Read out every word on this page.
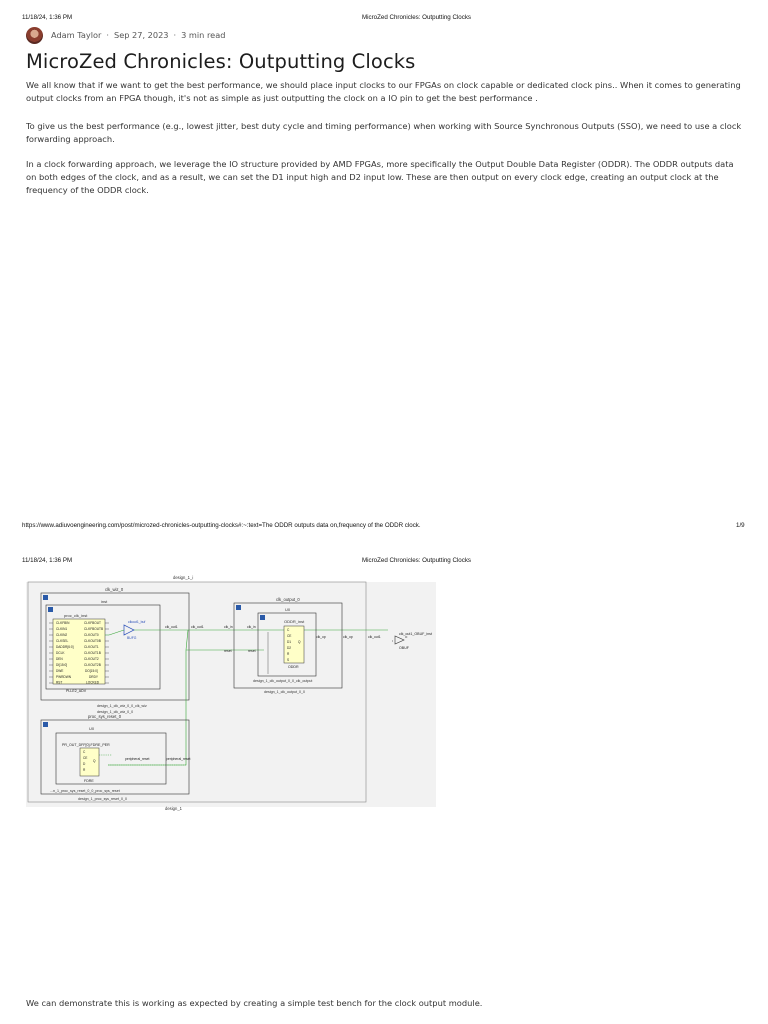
11/18/24, 1:36 PM	MicroZed Chronicles: Outputting Clocks
Adam Taylor · Sep 27, 2023 · 3 min read
MicroZed Chronicles: Outputting Clocks

We all know that if we want to get the best performance, we should place input clocks to our FPGAs on clock capable or dedicated clock pins.. When it comes to generating output clocks from an FPGA though, it's not as simple as just outputting the clock on a IO pin to get the best performance .

To give us the best performance (e.g., lowest jitter, best duty cycle and timing performance) when working with Source Synchronous Outputs (SSO), we need to use a clock forwarding approach.

In a clock forwarding approach, we leverage the IO structure provided by AMD FPGAs, more specifically the Output Double Data Register (ODDR). The ODDR outputs data on both edges of the clock, and as a result, we can set the D1 input high and D2 input low. These are then output on every clock edge, creating an output clock at the frequency of the ODDR clock.

https://www.adiuvoengineering.com/post/microzed-chronicles-outputting-clocks#:~:text=The ODDR outputs data on,frequency of the ODDR clock.	1/9
11/18/24, 1:36 PM	MicroZed Chronicles: Outputting Clocks
design_1_i
design_1
clk_wiz_0
inst
proc_clk_inst
CLKFBIN
CLKIN1
CLKIN2
CLKSEL
DADDR[6:0]
DCLK
DEN
DI[15:0]
DWE
PWRDWN
RST
CLKFBOUT
CLKFBOUTB
CLKOUT0
CLKOUT0B
CLKOUT1
CLKOUT1B
CLKOUT2
CLKOUT2B
DO[15:0]
DRDY
LOCKED
PLLE2_ADV
clkout1_buf
BUFG
design_1_clk_wiz_0_0_clk_wiz
design_1_clk_wiz_0_0
clk_out1	clk_out1	clk_in	clk_in
reset	reset
clk_op	clk_op	clk_out1
peripheral_reset	peripheral_reset
clk_output_0
U0
ODDR_inst
C
CE
D1
D2
R
S
Q
ODDR
design_1_clk_output_0_0_clk_output
design_1_clk_output_0_0
clk_out1_OBUF_inst
I
O
OBUF
proc_sys_reset_0
U0
PR_OUT_DFF[0].FDRE_PER
C
CE
D
R
Q
FDRE
...n_1_proc_sys_reset_0_0_proc_sys_reset
design_1_proc_sys_reset_0_0

We can demonstrate this is working as expected by creating a simple test bench for the clock output module.
